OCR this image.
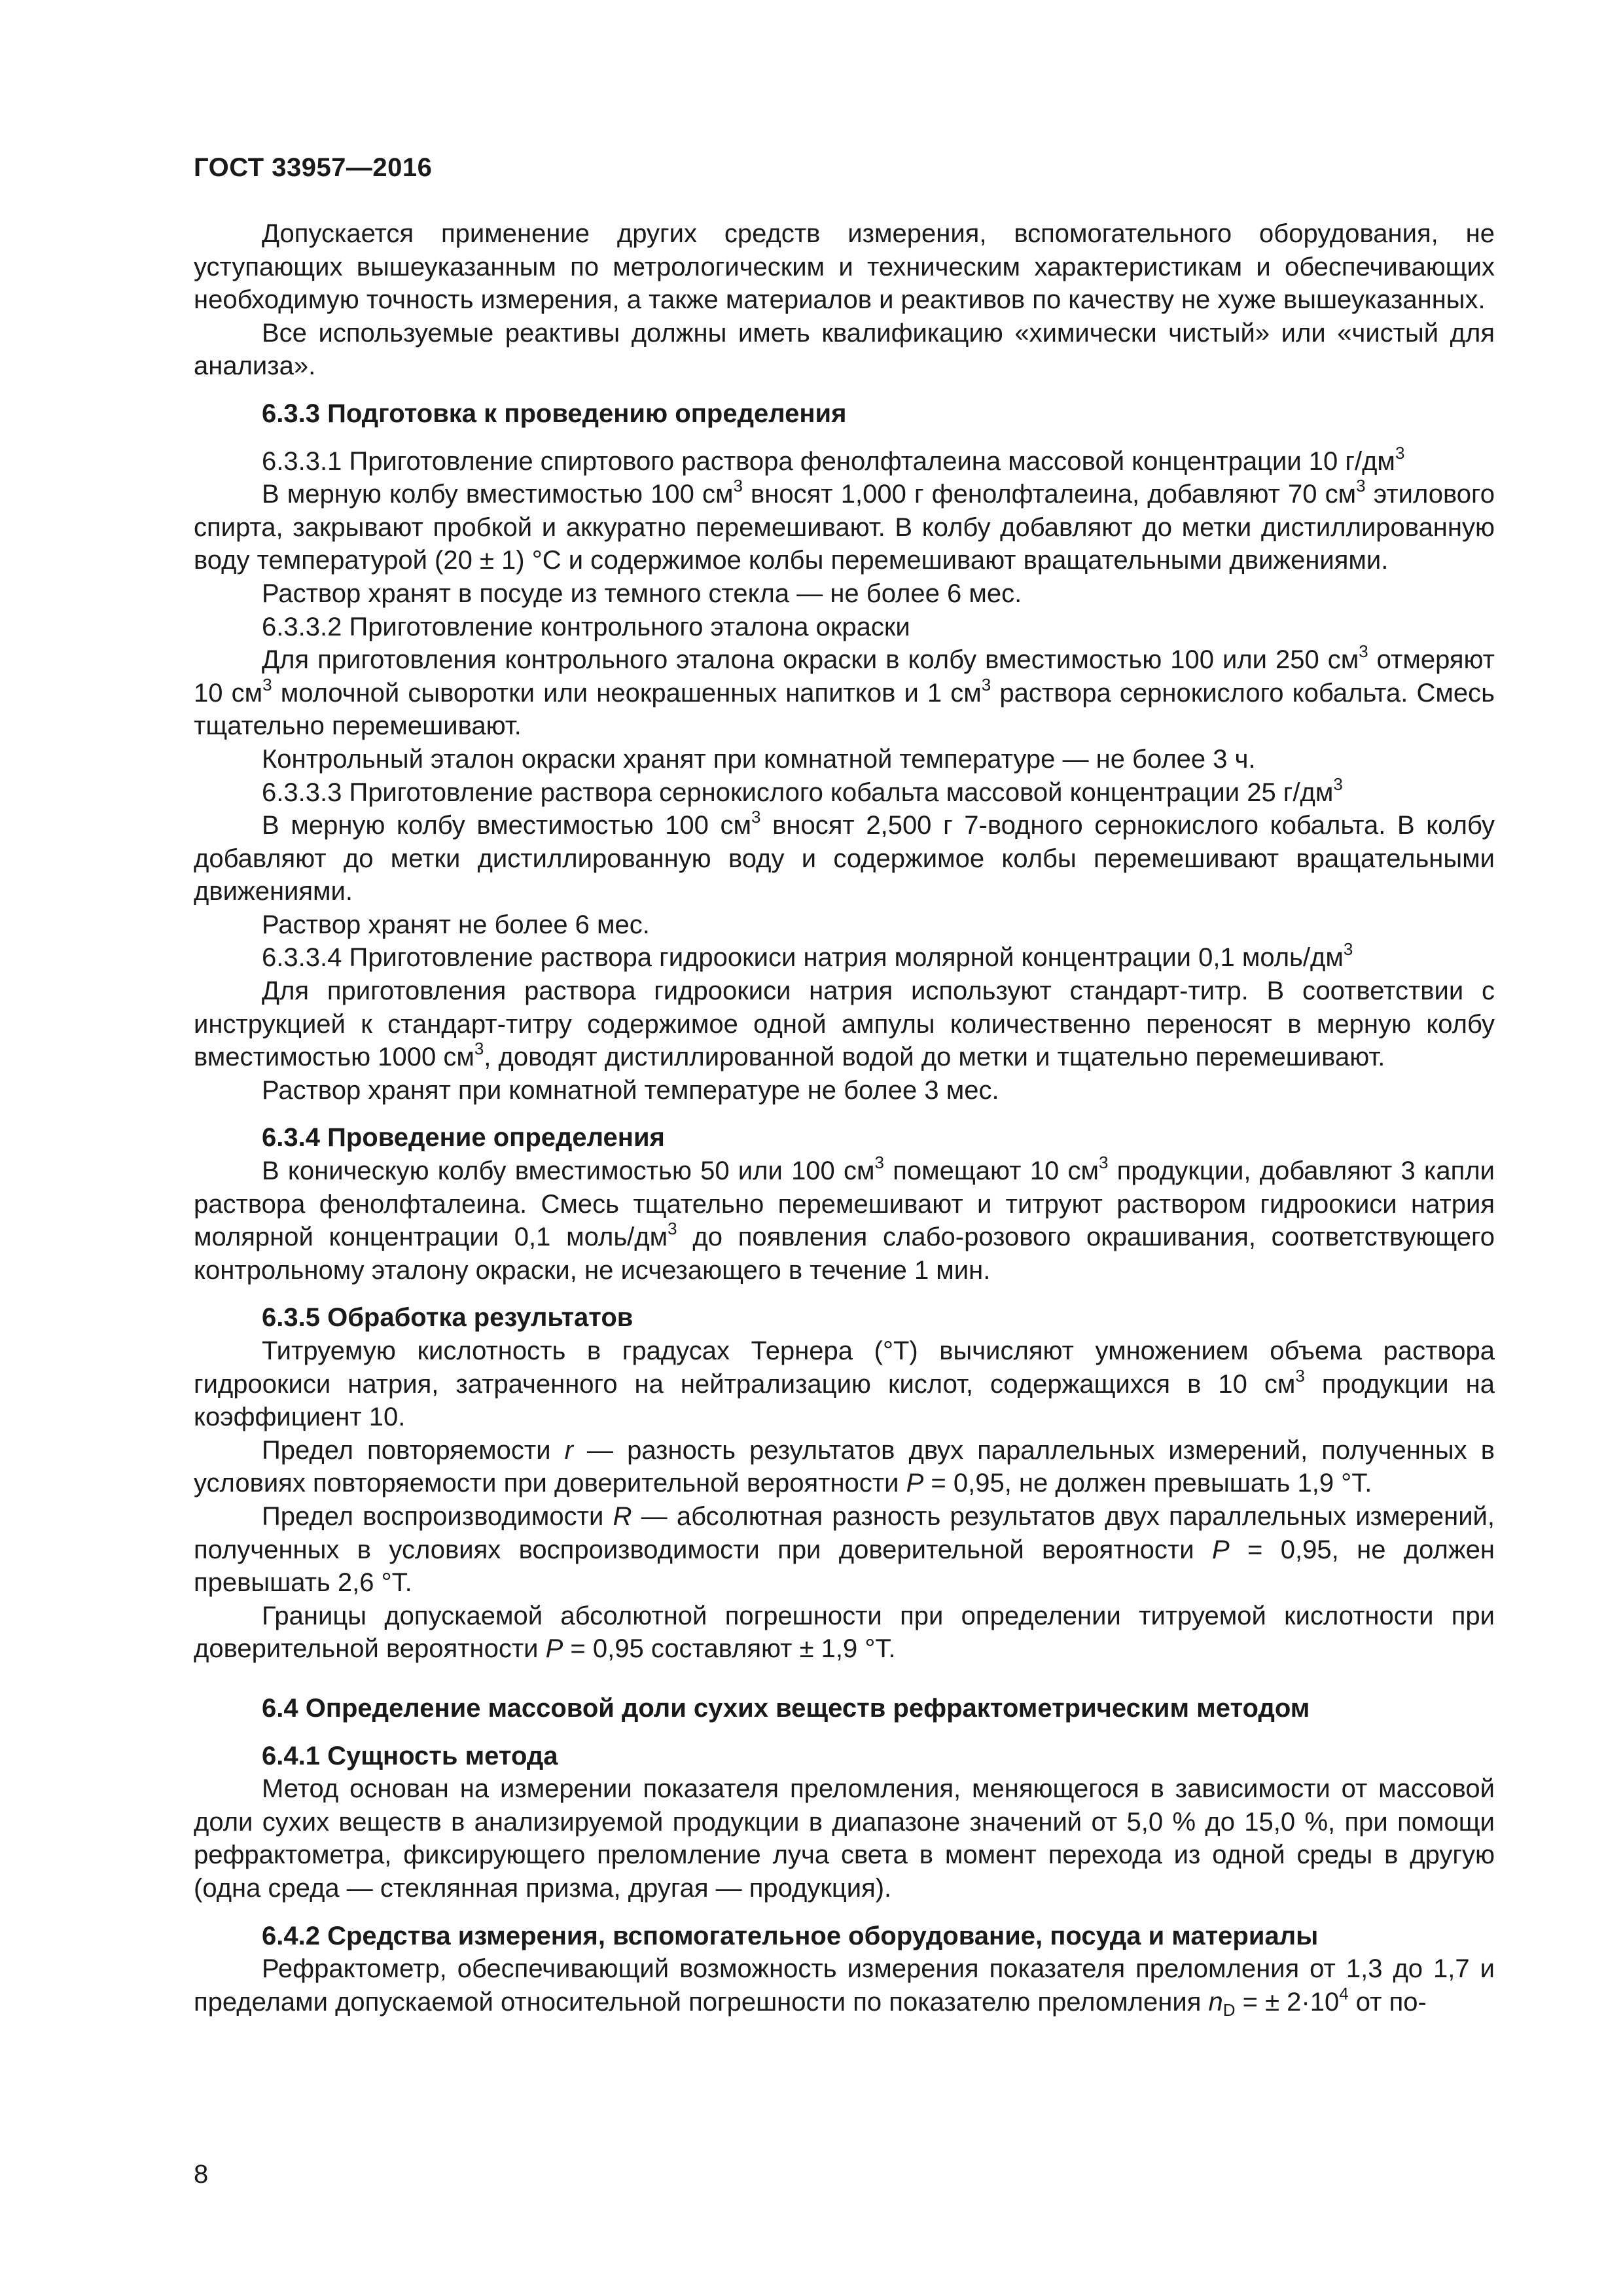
ГОСТ 33957—2016

Допускается применение других средств измерения, вспомогательного оборудования, не уступающих вышеуказанным по метрологическим и техническим характеристикам и обеспечивающих необходимую точность измерения, а также материалов и реактивов по качеству не хуже вышеуказанных.

Все используемые реактивы должны иметь квалификацию «химически чистый» или «чистый для анализа».

6.3.3 Подготовка к проведению определения

6.3.3.1 Приготовление спиртового раствора фенолфталеина массовой концентрации 10 $г/дм^3$

В мерную колбу вместимостью 100 $см^3$ вносят 1,000 г фенолфталеина, добавляют 70 $см^3$ этилового спирта, закрывают пробкой и аккуратно перемешивают. В колбу добавляют до метки дистиллированную воду температурой (20 ± 1) °С и содержимое колбы перемешивают вращательными движениями.

Раствор хранят в посуде из темного стекла — не более 6 мес.

6.3.3.2 Приготовление контрольного эталона окраски

Для приготовления контрольного эталона окраски в колбу вместимостью 100 или 250 $см^3$ отмеряют 10 $см^3$ молочной сыворотки или неокрашенных напитков и 1 $см^3$ раствора сернокислого кобальта. Смесь тщательно перемешивают.

Контрольный эталон окраски хранят при комнатной температуре — не более 3 ч.

6.3.3.3 Приготовление раствора сернокислого кобальта массовой концентрации 25 $г/дм^3$

В мерную колбу вместимостью 100 $см^3$ вносят 2,500 г 7-водного сернокислого кобальта. В колбу добавляют до метки дистиллированную воду и содержимое колбы перемешивают вращательными движениями.

Раствор хранят не более 6 мес.

6.3.3.4 Приготовление раствора гидроокиси натрия молярной концентрации 0,1 моль/$дм^3$

Для приготовления раствора гидроокиси натрия используют стандарт-титр. В соответствии с инструкцией к стандарт-титру содержимое одной ампулы количественно переносят в мерную колбу вместимостью 1000 $см^3$, доводят дистиллированной водой до метки и тщательно перемешивают.

Раствор хранят при комнатной температуре не более 3 мес.

6.3.4 Проведение определения

В коническую колбу вместимостью 50 или 100 $см^3$ помещают 10 $см^3$ продукции, добавляют 3 капли раствора фенолфталеина. Смесь тщательно перемешивают и титруют раствором гидроокиси натрия молярной концентрации 0,1 моль/$дм^3$ до появления слабо-розового окрашивания, соответствующего контрольному эталону окраски, не исчезающего в течение 1 мин.

6.3.5 Обработка результатов

Титруемую кислотность в градусах Тернера (°Т) вычисляют умножением объема раствора гидроокиси натрия, затраченного на нейтрализацию кислот, содержащихся в 10 $см^3$ продукции на коэффициент 10.

Предел повторяемости r — разность результатов двух параллельных измерений, полученных в условиях повторяемости при доверительной вероятности Р = 0,95, не должен превышать 1,9 °Т.

Предел воспроизводимости R — абсолютная разность результатов двух параллельных измерений, полученных в условиях воспроизводимости при доверительной вероятности Р = 0,95, не должен превышать 2,6 °Т.

Границы допускаемой абсолютной погрешности при определении титруемой кислотности при доверительной вероятности Р = 0,95 составляют ± 1,9 °Т.

6.4 Определение массовой доли сухих веществ рефрактометрическим методом

6.4.1 Сущность метода

Метод основан на измерении показателя преломления, меняющегося в зависимости от массовой доли сухих веществ в анализируемой продукции в диапазоне значений от 5,0 % до 15,0 %, при помощи рефрактометра, фиксирующего преломление луча света в момент перехода из одной среды в другую (одна среда — стеклянная призма, другая — продукция).

6.4.2 Средства измерения, вспомогательное оборудование, посуда и материалы

Рефрактометр, обеспечивающий возможность измерения показателя преломления от 1,3 до 1,7 и пределами допускаемой относительной погрешности по показателю преломления $n_D$ = ± $2\cdot 10^4$ от по-

8
